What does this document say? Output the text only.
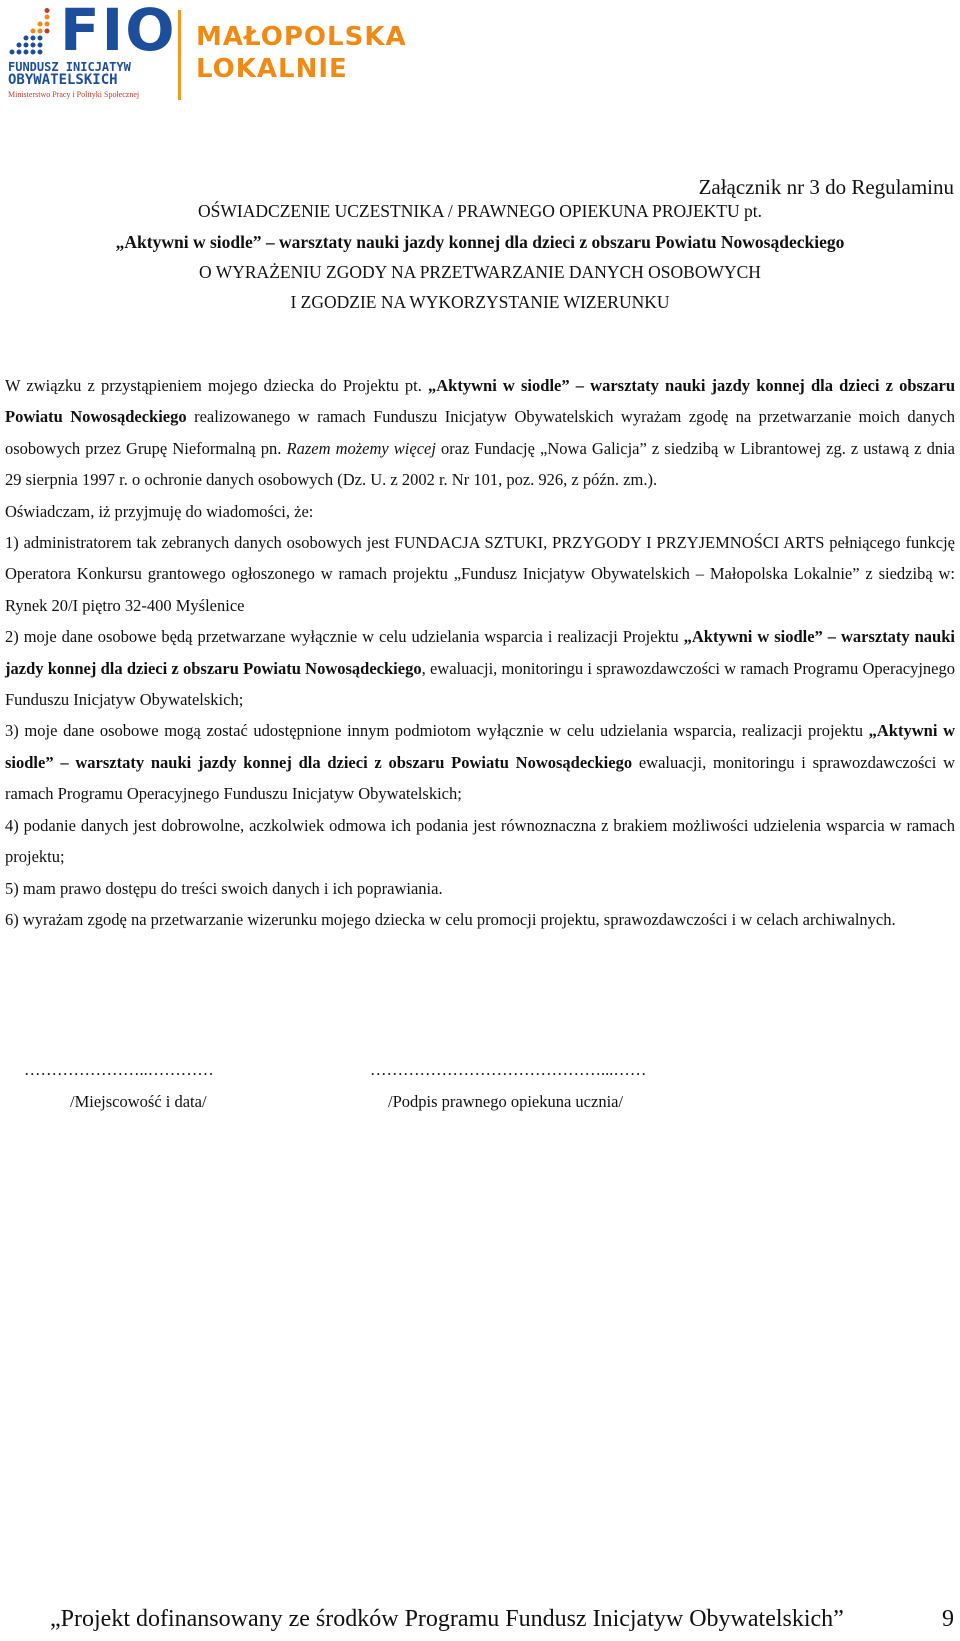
FIO
FUNDUSZ INICJATYW
OBYWATELSKICH
Ministerstwo Pracy i Polityki Społecznej
MAŁOPOLSKA
LOKALNIE
Załącznik nr 3 do Regulaminu
OŚWIADCZENIE UCZESTNIKA / PRAWNEGO OPIEKUNA PROJEKTU pt.
„Aktywni w siodle” – warsztaty nauki jazdy konnej dla dzieci z obszaru Powiatu Nowosądeckiego
O WYRAŻENIU ZGODY NA PRZETWARZANIE DANYCH OSOBOWYCH
I ZGODZIE NA WYKORZYSTANIE WIZERUNKU

W związku z przystąpieniem mojego dziecka do Projektu pt. „Aktywni w siodle” – warsztaty nauki jazdy konnej dla dzieci z obszaru Powiatu Nowosądeckiego realizowanego w ramach Funduszu Inicjatyw Obywatelskich wyrażam zgodę na przetwarzanie moich danych osobowych przez Grupę Nieformalną pn. Razem możemy więcej oraz Fundację „Nowa Galicja” z siedzibą w Librantowej zg. z ustawą z dnia 29 sierpnia 1997 r. o ochronie danych osobowych (Dz. U. z 2002 r. Nr 101, poz. 926, z późn. zm.).

Oświadczam, iż przyjmuję do wiadomości, że:

1) administratorem tak zebranych danych osobowych jest FUNDACJA SZTUKI, PRZYGODY I PRZYJEMNOŚCI ARTS pełniącego funkcję Operatora Konkursu grantowego ogłoszonego w ramach projektu „Fundusz Inicjatyw Obywatelskich – Małopolska Lokalnie” z siedzibą w: Rynek 20/I piętro 32-400 Myślenice

2) moje dane osobowe będą przetwarzane wyłącznie w celu udzielania wsparcia i realizacji Projektu „Aktywni w siodle” – warsztaty nauki jazdy konnej dla dzieci z obszaru Powiatu Nowosądeckiego, ewaluacji, monitoringu i sprawozdawczości w ramach Programu Operacyjnego Funduszu Inicjatyw Obywatelskich;

3) moje dane osobowe mogą zostać udostępnione innym podmiotom wyłącznie w celu udzielania wsparcia, realizacji projektu „Aktywni w siodle” – warsztaty nauki jazdy konnej dla dzieci z obszaru Powiatu Nowosądeckiego ewaluacji, monitoringu i sprawozdawczości w ramach Programu Operacyjnego Funduszu Inicjatyw Obywatelskich;

4) podanie danych jest dobrowolne, aczkolwiek odmowa ich podania jest równoznaczna z brakiem możliwości udzielenia wsparcia w ramach projektu;

5) mam prawo dostępu do treści swoich danych i ich poprawiania.

6) wyrażam zgodę na przetwarzanie wizerunku mojego dziecka w celu promocji projektu, sprawozdawczości i w celach archiwalnych.

…………………..…………
/Miejscowość i data/
……………………………………...……
/Podpis prawnego opiekuna ucznia/
„Projekt dofinansowany ze środków Programu Fundusz Inicjatyw Obywatelskich”	9
